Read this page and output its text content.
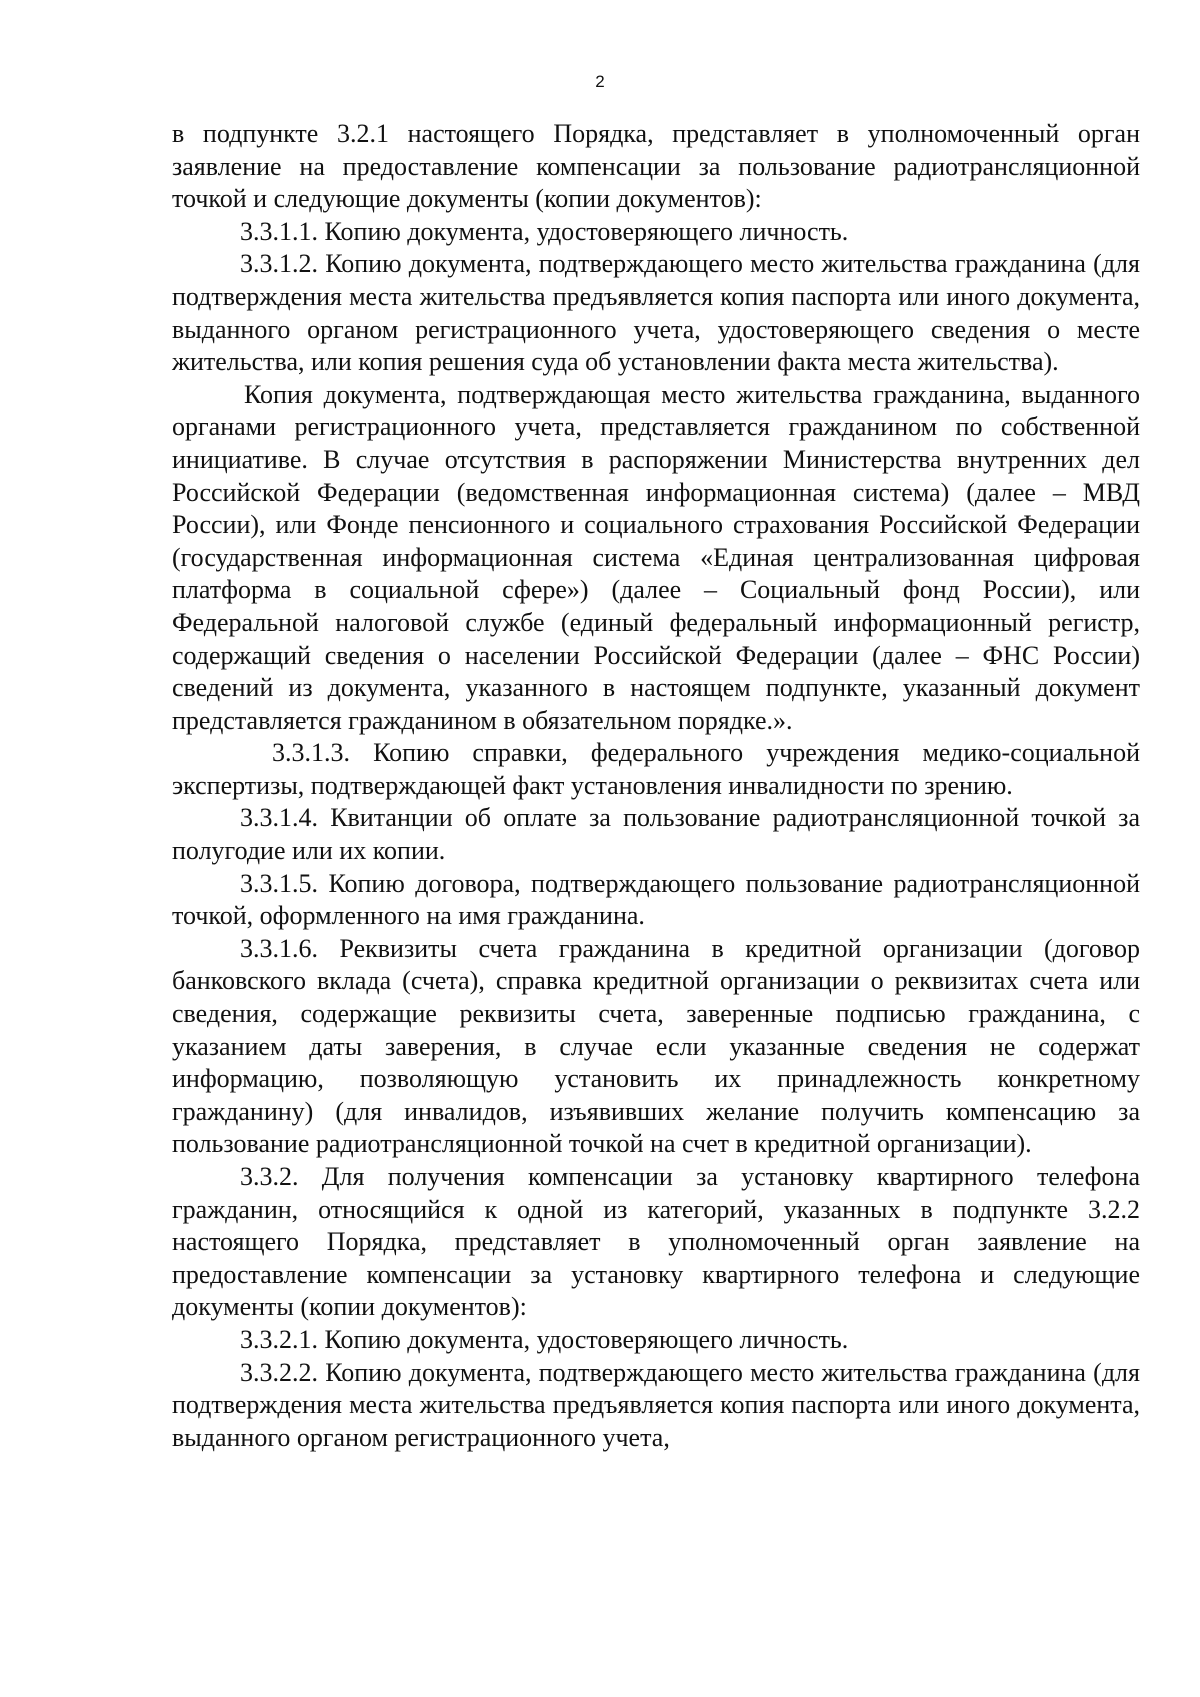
2

в подпункте 3.2.1 настоящего Порядка, представляет в уполномоченный орган заявление на предоставление компенсации за пользование радиотрансляционной точкой и следующие документы (копии документов):

3.3.1.1. Копию документа, удостоверяющего личность.

3.3.1.2. Копию документа, подтверждающего место жительства гражданина (для подтверждения места жительства предъявляется копия паспорта или иного документа, выданного органом регистрационного учета, удостоверяющего сведения о месте жительства, или копия решения суда об установлении факта места жительства).

Копия документа, подтверждающая место жительства гражданина, выданного органами регистрационного учета, представляется гражданином по собственной инициативе. В случае отсутствия в распоряжении Министерства внутренних дел Российской Федерации (ведомственная информационная система) (далее – МВД России), или Фонде пенсионного и социального страхования Российской Федерации (государственная информационная система «Единая централизованная цифровая платформа в социальной сфере») (далее – Социальный фонд России), или Федеральной налоговой службе (единый федеральный информационный регистр, содержащий сведения о населении Российской Федерации (далее – ФНС России) сведений из документа, указанного в настоящем подпункте, указанный документ представляется гражданином в обязательном порядке.».

3.3.1.3. Копию справки, федерального учреждения медико-социальной экспертизы, подтверждающей факт установления инвалидности по зрению.

3.3.1.4. Квитанции об оплате за пользование радиотрансляционной точкой за полугодие или их копии.

3.3.1.5. Копию договора, подтверждающего пользование радиотрансляционной точкой, оформленного на имя гражданина.

3.3.1.6. Реквизиты счета гражданина в кредитной организации (договор банковского вклада (счета), справка кредитной организации о реквизитах счета или сведения, содержащие реквизиты счета, заверенные подписью гражданина, с указанием даты заверения, в случае если указанные сведения не содержат информацию, позволяющую установить их принадлежность конкретному гражданину) (для инвалидов, изъявивших желание получить компенсацию за пользование радиотрансляционной точкой на счет в кредитной организации).

3.3.2. Для получения компенсации за установку квартирного телефона гражданин, относящийся к одной из категорий, указанных в подпункте 3.2.2 настоящего Порядка, представляет в уполномоченный орган заявление на предоставление компенсации за установку квартирного телефона и следующие документы (копии документов):

3.3.2.1. Копию документа, удостоверяющего личность.

3.3.2.2. Копию документа, подтверждающего место жительства гражданина (для подтверждения места жительства предъявляется копия паспорта или иного документа, выданного органом регистрационного учета,
